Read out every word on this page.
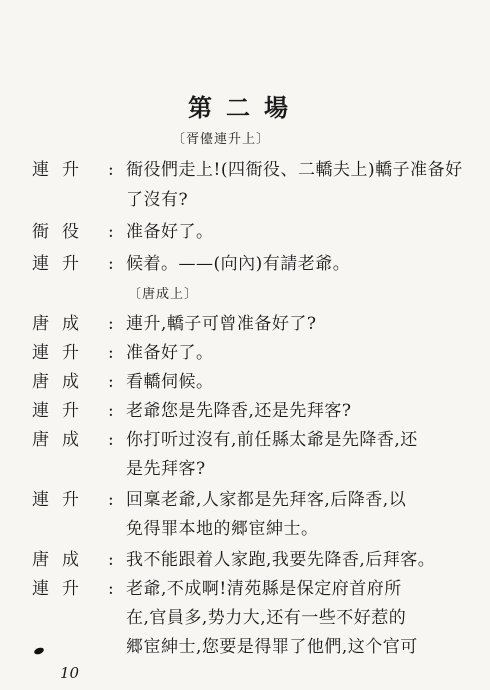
第二場
〔胥儓連升上〕
連升 : 衙役們走上!(四衙役、二轎夫上)轎子准备好
了沒有?
衙役 : 准备好了。
連升 : 候着。——(向內)有請老爺。
〔唐成上〕
唐成 : 連升,轎子可曾准备好了?
連升 : 准备好了。
唐成 : 看轎伺候。
連升 : 老爺您是先降香,还是先拜客?
唐成 : 你打听过沒有,前任縣太爺是先降香,还
是先拜客?
連升 : 回稟老爺,人家都是先拜客,后降香,以
免得罪本地的郷宦紳士。
唐成 : 我不能跟着人家跑,我要先降香,后拜客。
連升 : 老爺,不成啊!清苑縣是保定府首府所
在,官員多,势力大,还有一些不好惹的
郷宦紳士,您要是得罪了他們,这个官可
10
